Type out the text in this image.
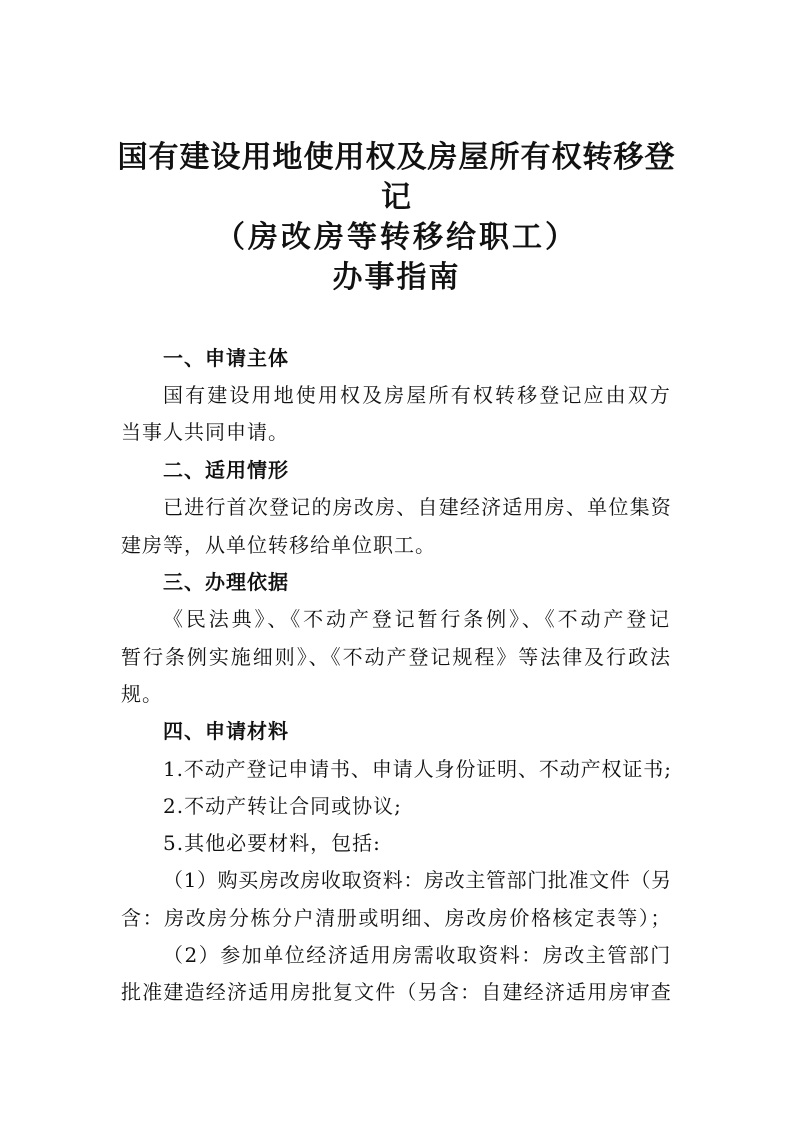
国有建设用地使用权及房屋所有权转移登
记
（房改房等转移给职工）
办事指南
一、申请主体
国有建设用地使用权及房屋所有权转移登记应由双方
当事人共同申请。
二、适用情形
已进行首次登记的房改房、自建经济适用房、单位集资
建房等，从单位转移给单位职工。
三、办理依据
《民法典》、《不动产登记暂行条例》、《不动产登记
暂行条例实施细则》、《不动产登记规程》等法律及行政法
规。
四、申请材料
1.不动产登记申请书、申请人身份证明、不动产权证书;
2.不动产转让合同或协议;
5.其他必要材料，包括:
（1）购买房改房收取资料：房改主管部门批准文件（另
含：房改房分栋分户清册或明细、房改房价格核定表等）；
（2）参加单位经济适用房需收取资料：房改主管部门
批准建造经济适用房批复文件（另含：自建经济适用房审查
